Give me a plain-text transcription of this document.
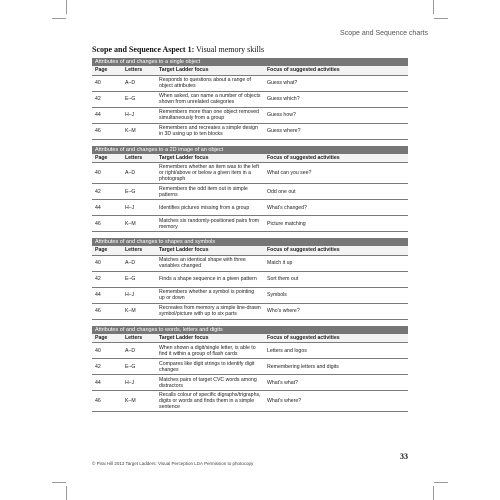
Scope and Sequence charts
Scope and Sequence Aspect 1: Visual memory skills
Attributes of and changes to a single object
Page	Letters	Target Ladder focus	Focus of suggested activities
40	A–D	Responds to questions about a range of object attributes	Guess what?
42	E–G	When asked, can name a number of objects shown from unrelated categories	Guess which?
44	H–J	Remembers more than one object removed simultaneously from a group	Guess how?
46	K–M	Remembers and recreates a simple design in 3D using up to ten blocks	Guess where?
Attributes of and changes to a 2D image of an object
Page	Letters	Target Ladder focus	Focus of suggested activities
40	A–D	Remembers whether an item was to the left or right/above or below a given item in a photograph	What can you see?
42	E–G	Remembers the odd item out in simple patterns	Odd one out
44	H–J	Identifies pictures missing from a group	What's changed?
46	K–M	Matches six randomly-positioned pairs from memory	Picture matching
Attributes of and changes to shapes and symbols
Page	Letters	Target Ladder focus	Focus of suggested activities
40	A–D	Matches an identical shape with three variables changed	Match it up
42	E–G	Finds a shape sequence in a given pattern	Sort them out
44	H–J	Remembers whether a symbol is pointing up or down	Symbols
46	K–M	Recreates from memory a simple line-drawn symbol/picture with up to six parts	Who's where?
Attributes of and changes to words, letters and digits
Page	Letters	Target Ladder focus	Focus of suggested activities
40	A–D	When shown a digit/single letter, is able to find it within a group of flash cards	Letters and logos
42	E–G	Compares like digit strings to identify digit changes	Remembering letters and digits
44	H–J	Matches pairs of target CVC words among distractors	What's what?
46	K–M	Recalls colour of specific digraphs/trigraphs, digits or words and finds them in a simple sentence	What's where?
33
© Pirai Hill 2013 Target Ladders: Visual Perception LDA Permission to photocopy
